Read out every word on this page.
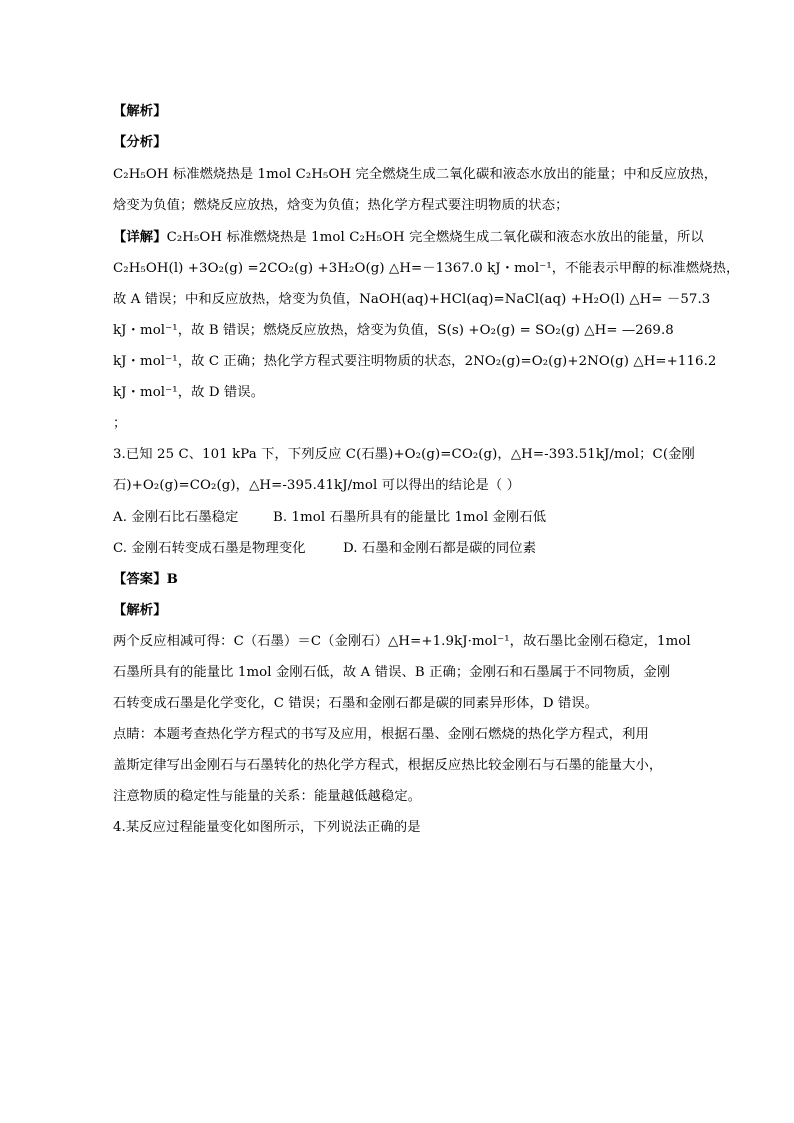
【解析】
【分析】
C₂H₅OH 标准燃烧热是 1mol C₂H₅OH 完全燃烧生成二氧化碳和液态水放出的能量；中和反应放热，
焓变为负值；燃烧反应放热，焓变为负值；热化学方程式要注明物质的状态；
【详解】C₂H₅OH 标准燃烧热是 1mol C₂H₅OH 完全燃烧生成二氧化碳和液态水放出的能量，所以
C₂H₅OH(l) +3O₂(g) =2CO₂(g) +3H₂O(g) △H=－1367.0 kJ・mol⁻¹，不能表示甲醇的标准燃烧热，
故 A 错误；中和反应放热，焓变为负值，NaOH(aq)+HCl(aq)=NaCl(aq) +H₂O(l) △H= －57.3
kJ・mol⁻¹，故 B 错误；燃烧反应放热，焓变为负值，S(s) +O₂(g) = SO₂(g) △H= —269.8
kJ・mol⁻¹，故 C 正确；热化学方程式要注明物质的状态，2NO₂(g)=O₂(g)+2NO(g) △H=+116.2
kJ・mol⁻¹，故 D 错误。
；
3.已知 25 C、101 kPa 下，下列反应 C(石墨)+O₂(g)=CO₂(g)，△H=-393.51kJ/mol；C(金刚
石)+O₂(g)=CO₂(g)，△H=-395.41kJ/mol 可以得出的结论是（ ）
A. 金刚石比石墨稳定	B. 1mol 石墨所具有的能量比 1mol 金刚石低
C. 金刚石转变成石墨是物理变化	D. 石墨和金刚石都是碳的同位素
【答案】B
【解析】
两个反应相减可得：C（石墨）＝C（金刚石）△H=+1.9kJ·mol⁻¹，故石墨比金刚石稳定，1mol
石墨所具有的能量比 1mol 金刚石低，故 A 错误、B 正确；金刚石和石墨属于不同物质，金刚
石转变成石墨是化学变化，C 错误；石墨和金刚石都是碳的同素异形体，D 错误。
点睛：本题考查热化学方程式的书写及应用，根据石墨、金刚石燃烧的热化学方程式，利用
盖斯定律写出金刚石与石墨转化的热化学方程式，根据反应热比较金刚石与石墨的能量大小，
注意物质的稳定性与能量的关系：能量越低越稳定。
4.某反应过程能量变化如图所示，下列说法正确的是
